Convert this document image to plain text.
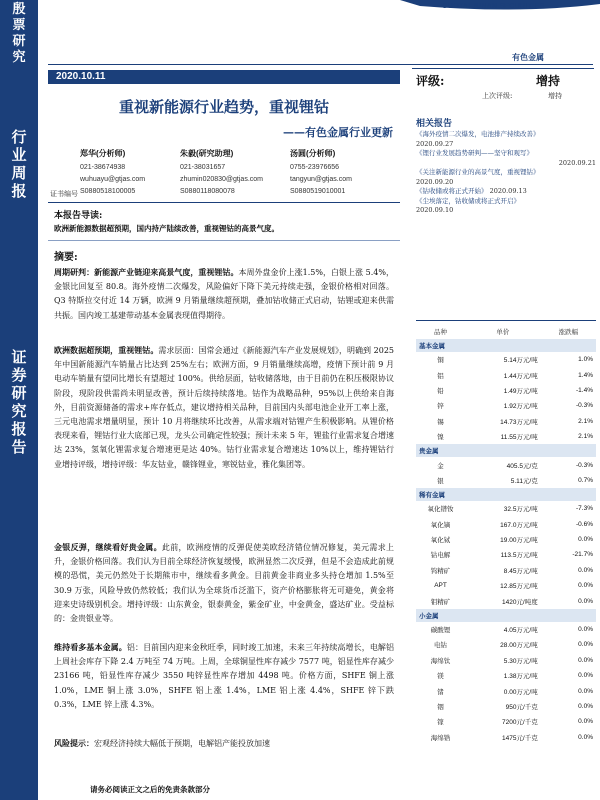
殷
票
研
究
行
业
周
报
证
券
研
究
报
告
GUOTAI JUNAN SECURITIES
有色金属
2020.10.11
重视新能源行业趋势，重视锂钴
——有色金属行业更新
郑华(分析师)
021-38674938
wuhuayu@gtjas.com
S0880518100005
朱毅(研究助理)
021-38031657
zhumin020830@gtjas.com
S0880118080078
汤圆(分析师)
0755-23976656
tangyun@gtjas.com
S0880519010001
证书编号
本报告导读:
欧洲新能源数据超预期，国内持产陆续改善，重视锂钴的高景气度。
摘要:
周期研判：新能源产业链迎来高景气度，重视锂钴。本周外盘金价上涨1.5%，白银上涨 5.4%，金银比回复至 80.8。海外疫情二次爆发，风险偏好下降下美元持续走强，金银价格相对回落。Q3 特斯拉交付近 14 万辆，欧洲 9 月销量继续超预期，叠加钴收储正式启动，钴锂或迎来供需共振。国内竣工基建带动基本金属表现值得期待。
欧洲数据超预期，重视锂钴。需求层面：国常会通过《新能源汽车产业发展规划》，明确到 2025 年中国新能源汽车销量占比达到 25%左右；欧洲方面，9 月销量继续高增，疫情下预计前 9 月电动车销量有望同比增长有望超过 100%。供给层面，钴收储落地，由于目前仍在积压极限协议阶段，现阶段供需尚未明显改善，预计后续持续落地。钴作为战略品种，95%以上供给来自海外，目前资源储备的需求+库存低点，建议增持相关品种，目前国内头部电池企业开工率上涨，三元电池需求增量明显，预计 10 月将继续环比改善，从需求端对钴锂产生积极影响。从锂价格表现来看，锂钴行业大底部已现，龙头公司确定性较强；预计未来 5 年，锂盐行业需求复合增速达 23%，氢氧化锂需求复合增速更是达 40%。钴行业需求复合增速达 10%以上，维持锂钴行业增持评级，增持评级：华友钴业，赣锋锂业，寒锐钴业，雅化集团等。
金银反弹，继续看好贵金属。此前，欧洲疫情的反弹促使美欧经济错位情况修复，美元需求上升，金银价格回落。我们认为目前全球经济恢复缓慢，欧洲显然二次反弹，但是不会造成此前规模的恐慌，美元仍然处于长期熊市中，继续看多黄金。目前黄金非商业多头持仓增加 1.5%至 30.9 万张，风险导致仍然较低；我们认为全球货币泛滥下，资产价格膨胀将无可避免，黄金将迎来史诗级别机会。增持评级：山东黄金，银泰黄金，紫金矿业，中金黄金，盛达矿业。受益标的：金贵银业等。
维持看多基本金属。铝：目前国内迎来金秋旺季，同时竣工加速，未来三年持续高增长，电解铝上周社会库存下降 2.4 万吨至 74 万吨。上周，全球铜显性库存减少 7577 吨，铝显性库存减少 23166 吨，铅显性库存减少 3550 吨锌显性库存增加 4498 吨。价格方面，SHFE 铜上涨 1.0%，LME 铜上涨 3.0%，SHFE 铝上涨 1.4%，LME 铝上涨 4.4%，SHFE 锌下跌 0.3%，LME 锌上涨 4.3%。
风险提示：宏观经济持续大幅低于预期，电解铝产能投放加速
评级:	增持
上次评级:	增持
相关报告
《海外疫情二次爆发，电池排产持续改善》
2020.09.27
《锂行业发展趋势研判——坚守和观写》
2020.09.21
《关注新能源行业的高景气度，重视锂钴》
2020.09.20
《钴收储或将正式开始》 2020.09.13
《尘埃落定，钴收储或将正式开启》
2020.09.10
品种	单价	涨跌幅
基本金属		
铜	5.14万元/吨	1.0%
铝	1.44万元/吨	1.4%
铅	1.49万元/吨	-1.4%
锌	1.92万元/吨	-0.3%
锡	14.73万元/吨	2.1%
镍	11.55万元/吨	2.1%
贵金属		
金	405.5元/克	-0.3%
银	5.11元/克	0.7%
稀有金属		
氧化镨钕	32.5万元/吨	-7.3%
氧化镝	167.0万元/吨	-0.6%
氧化铽	19.00万元/吨	0.0%
钴电解	113.5万元/吨	-21.7%
钨精矿	8.45万元/吨	0.0%
APT	12.85万元/吨	0.0%
钼精矿	1420元/吨度	0.0%
小金属		
碳酸锂	4.05万元/吨	0.0%
电钴	28.00万元/吨	0.0%
海绵钛	5.30万元/吨	0.0%
镁	1.38万元/吨	0.0%
锗	0.00万元/吨	0.0%
铟	950元/千克	0.0%
镓	7200元/千克	0.0%
海绵锆	1475元/千克	0.0%
请务必阅读正文之后的免责条款部分
